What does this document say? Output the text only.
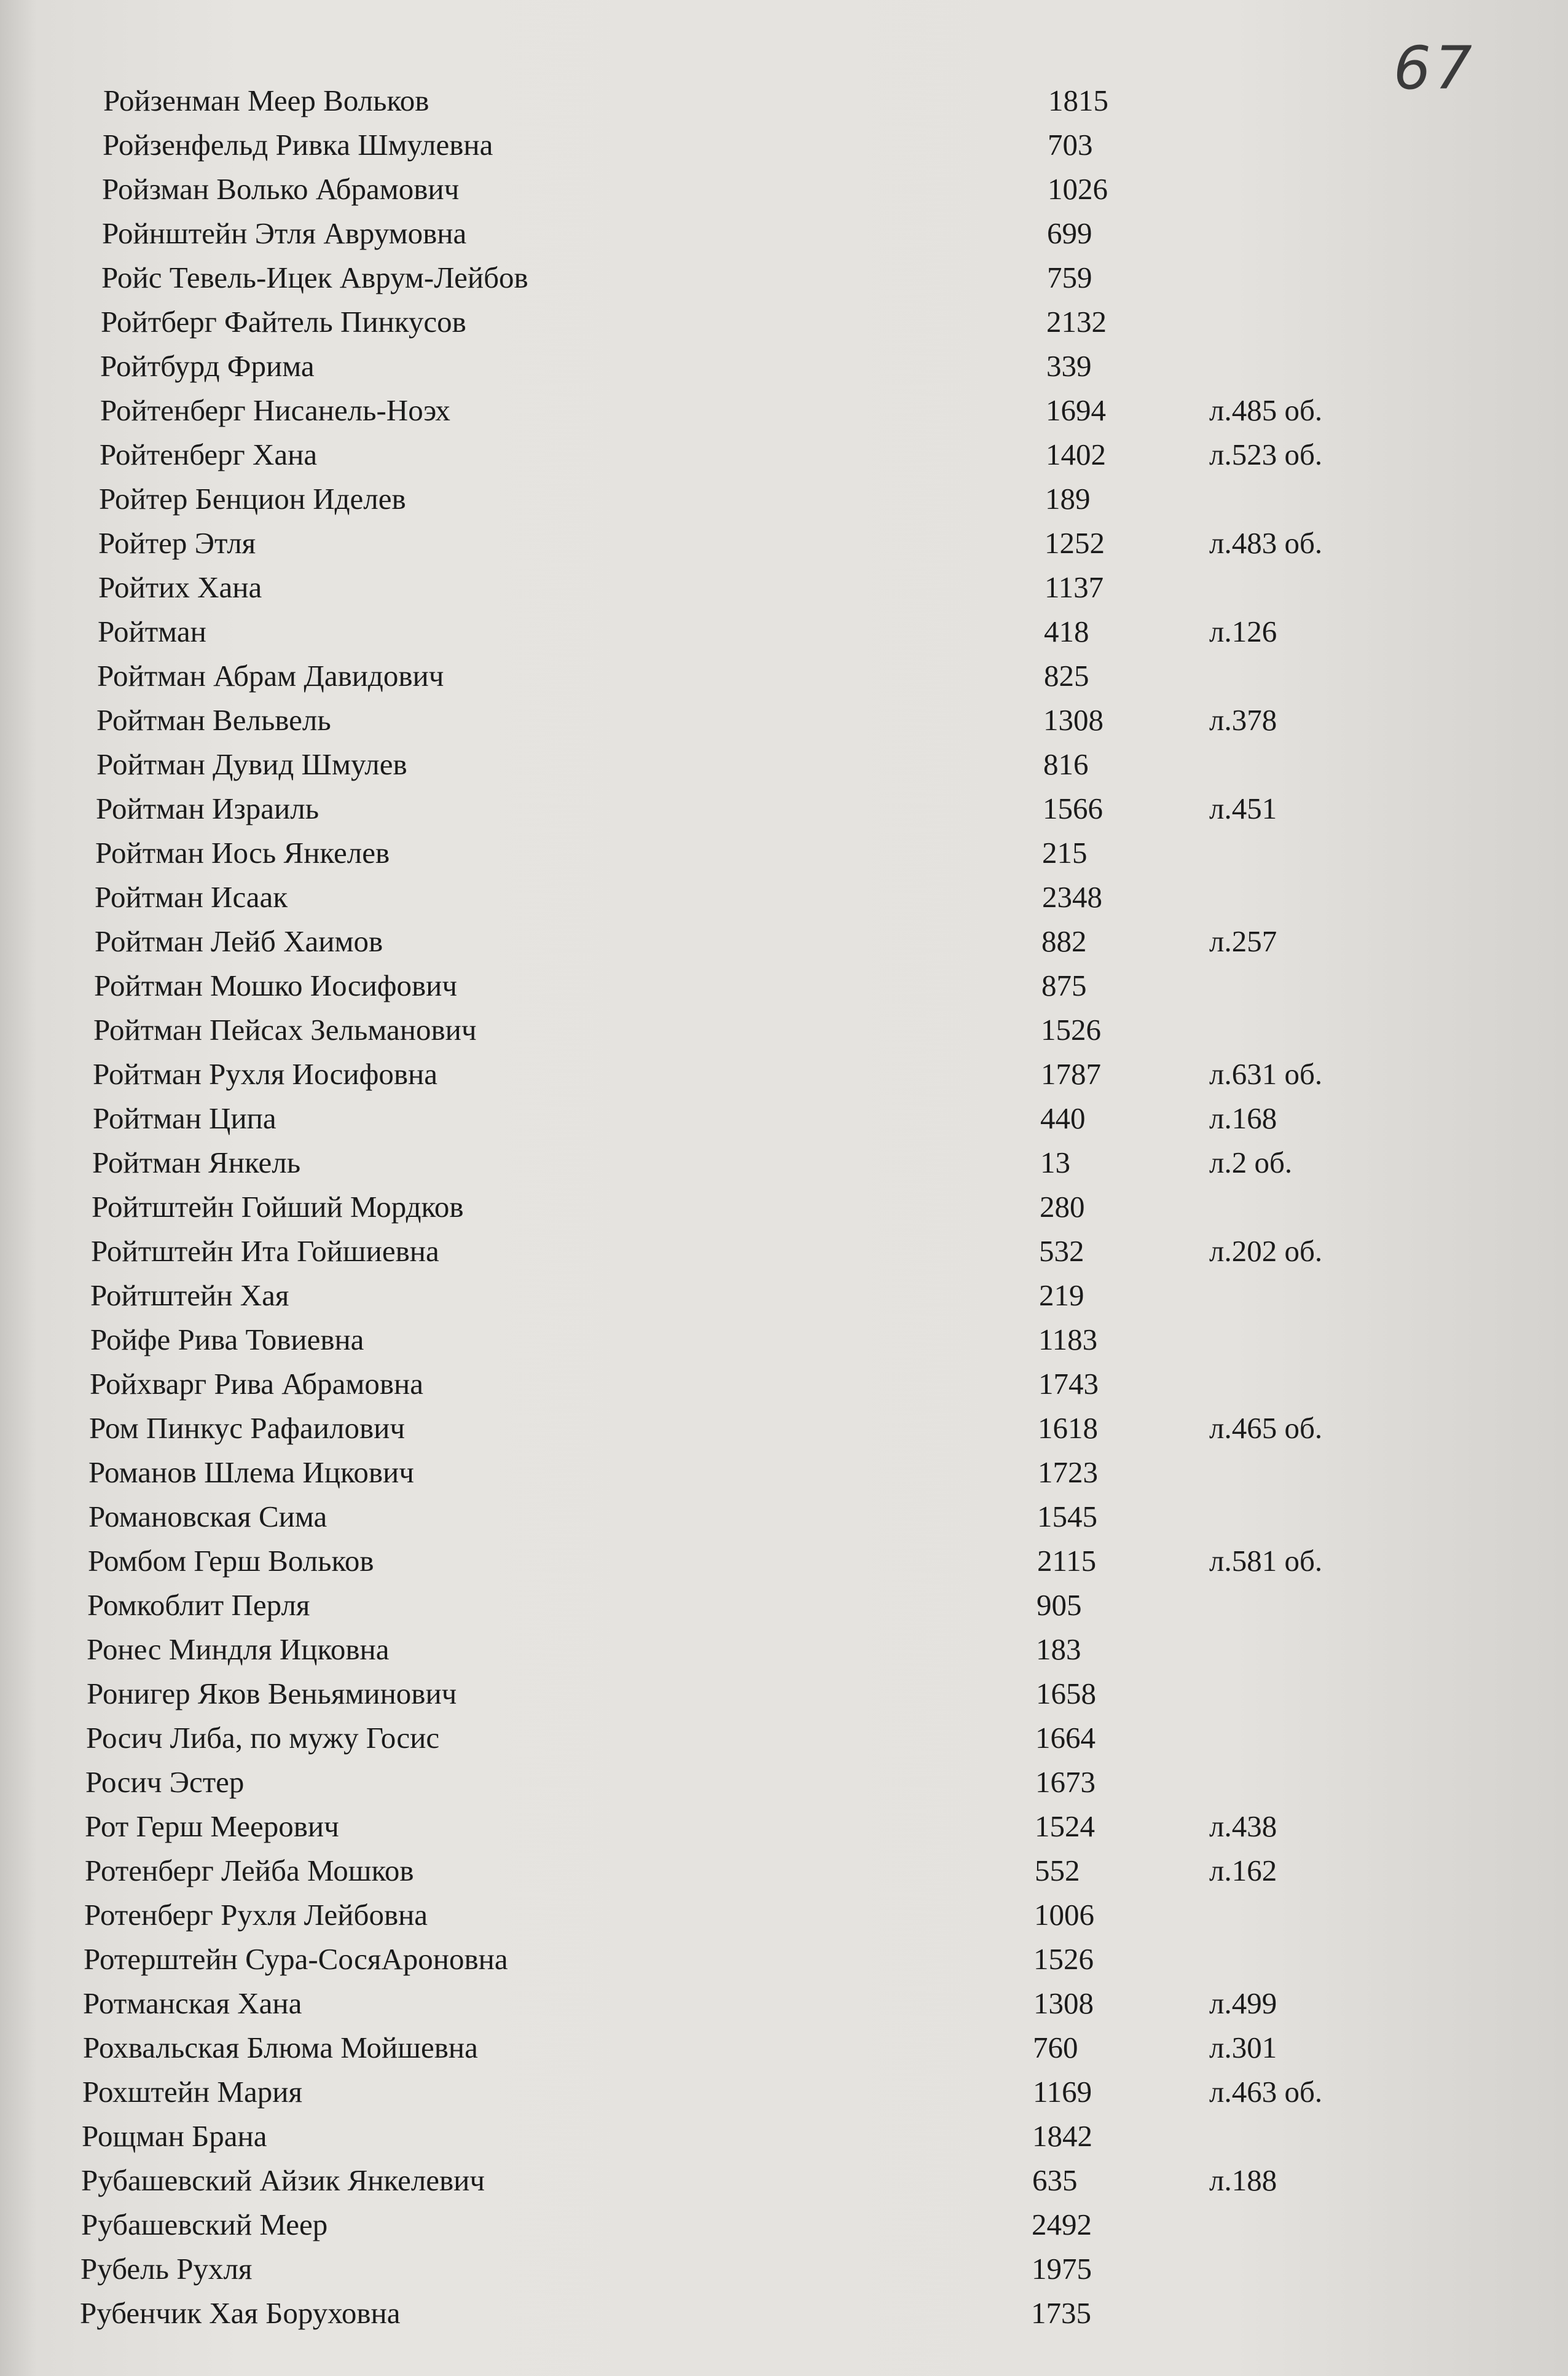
67
Ройзенман Меер Вольков	1815
Ройзенфельд Ривка Шмулевна	703
Ройзман Волько Абрамович	1026
Ройнштейн Этля Аврумовна	699
Ройс Тевель-Ицек Аврум-Лейбов	759
Ройтберг Файтель Пинкусов	2132
Ройтбурд Фрима	339
Ройтенберг Нисанель-Ноэх	1694	л.485 об.
Ройтенберг Хана	1402	л.523 об.
Ройтер Бенцион Иделев	189
Ройтер Этля	1252	л.483 об.
Ройтих Хана	1137
Ройтман	418	л.126
Ройтман Абрам Давидович	825
Ройтман Вельвель	1308	л.378
Ройтман Дувид Шмулев	816
Ройтман Израиль	1566	л.451
Ройтман Иось Янкелев	215
Ройтман Исаак	2348
Ройтман Лейб Хаимов	882	л.257
Ройтман Мошко Иосифович	875
Ройтман Пейсах Зельманович	1526
Ройтман Рухля Иосифовна	1787	л.631 об.
Ройтман Ципа	440	л.168
Ройтман Янкель	13	л.2 об.
Ройтштейн Гойший Мордков	280
Ройтштейн Ита Гойшиевна	532	л.202 об.
Ройтштейн Хая	219
Ройфе Рива Товиевна	1183
Ройхварг Рива Абрамовна	1743
Ром Пинкус Рафаилович	1618	л.465 об.
Романов Шлема Ицкович	1723
Романовская Сима	1545
Ромбом Герш Вольков	2115	л.581 об.
Ромкоблит Перля	905
Ронес Миндля Ицковна	183
Ронигер Яков Веньяминович	1658
Росич Либа, по мужу Госис	1664
Росич Эстер	1673
Рот Герш Меерович	1524	л.438
Ротенберг Лейба Мошков	552	л.162
Ротенберг Рухля Лейбовна	1006
Ротерштейн Сура-СосяАроновна	1526
Ротманская Хана	1308	л.499
Рохвальская Блюма Мойшевна	760	л.301
Рохштейн Мария	1169	л.463 об.
Рощман Брана	1842
Рубашевский Айзик Янкелевич	635	л.188
Рубашевский Меер	2492
Рубель Рухля	1975
Рубенчик Хая Боруховна	1735
